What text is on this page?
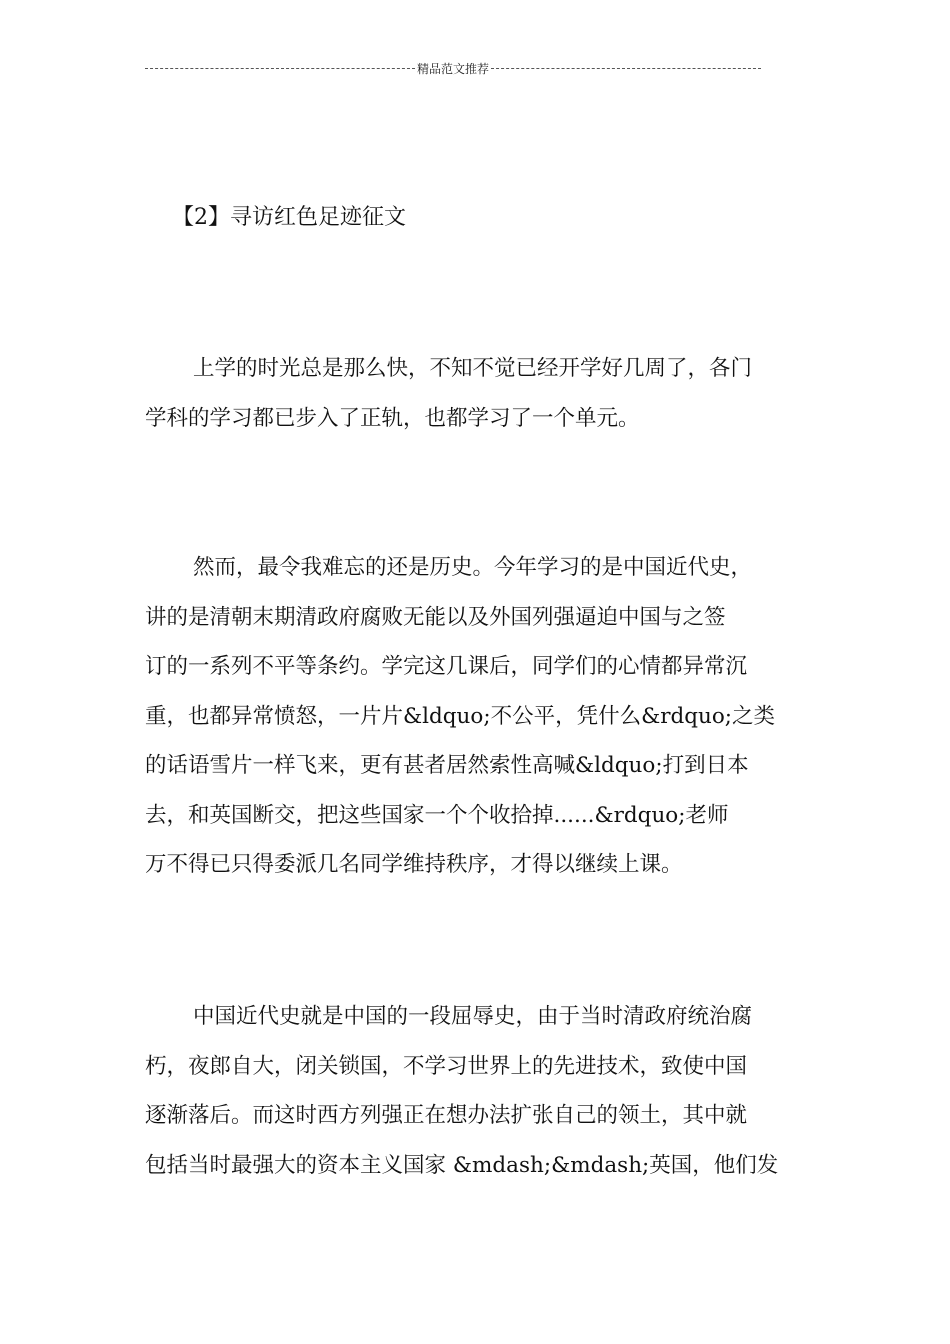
精品范文推荐
【2】寻访红色足迹征文

上学的时光总是那么快，不知不觉已经开学好几周了，各门
学科的学习都已步入了正轨，也都学习了一个单元。

然而，最令我难忘的还是历史。今年学习的是中国近代史，
讲的是清朝末期清政府腐败无能以及外国列强逼迫中国与之签
订的一系列不平等条约。学完这几课后，同学们的心情都异常沉
重，也都异常愤怒，一片片&ldquo;不公平，凭什么&rdquo;之类
的话语雪片一样飞来，更有甚者居然索性高喊&ldquo;打到日本
去，和英国断交，把这些国家一个个收拾掉......&rdquo;老师
万不得已只得委派几名同学维持秩序，才得以继续上课。

中国近代史就是中国的一段屈辱史，由于当时清政府统治腐
朽，夜郎自大，闭关锁国，不学习世界上的先进技术，致使中国
逐渐落后。而这时西方列强正在想办法扩张自己的领土，其中就
包括当时最强大的资本主义国家 &mdash;&mdash;英国，他们发
